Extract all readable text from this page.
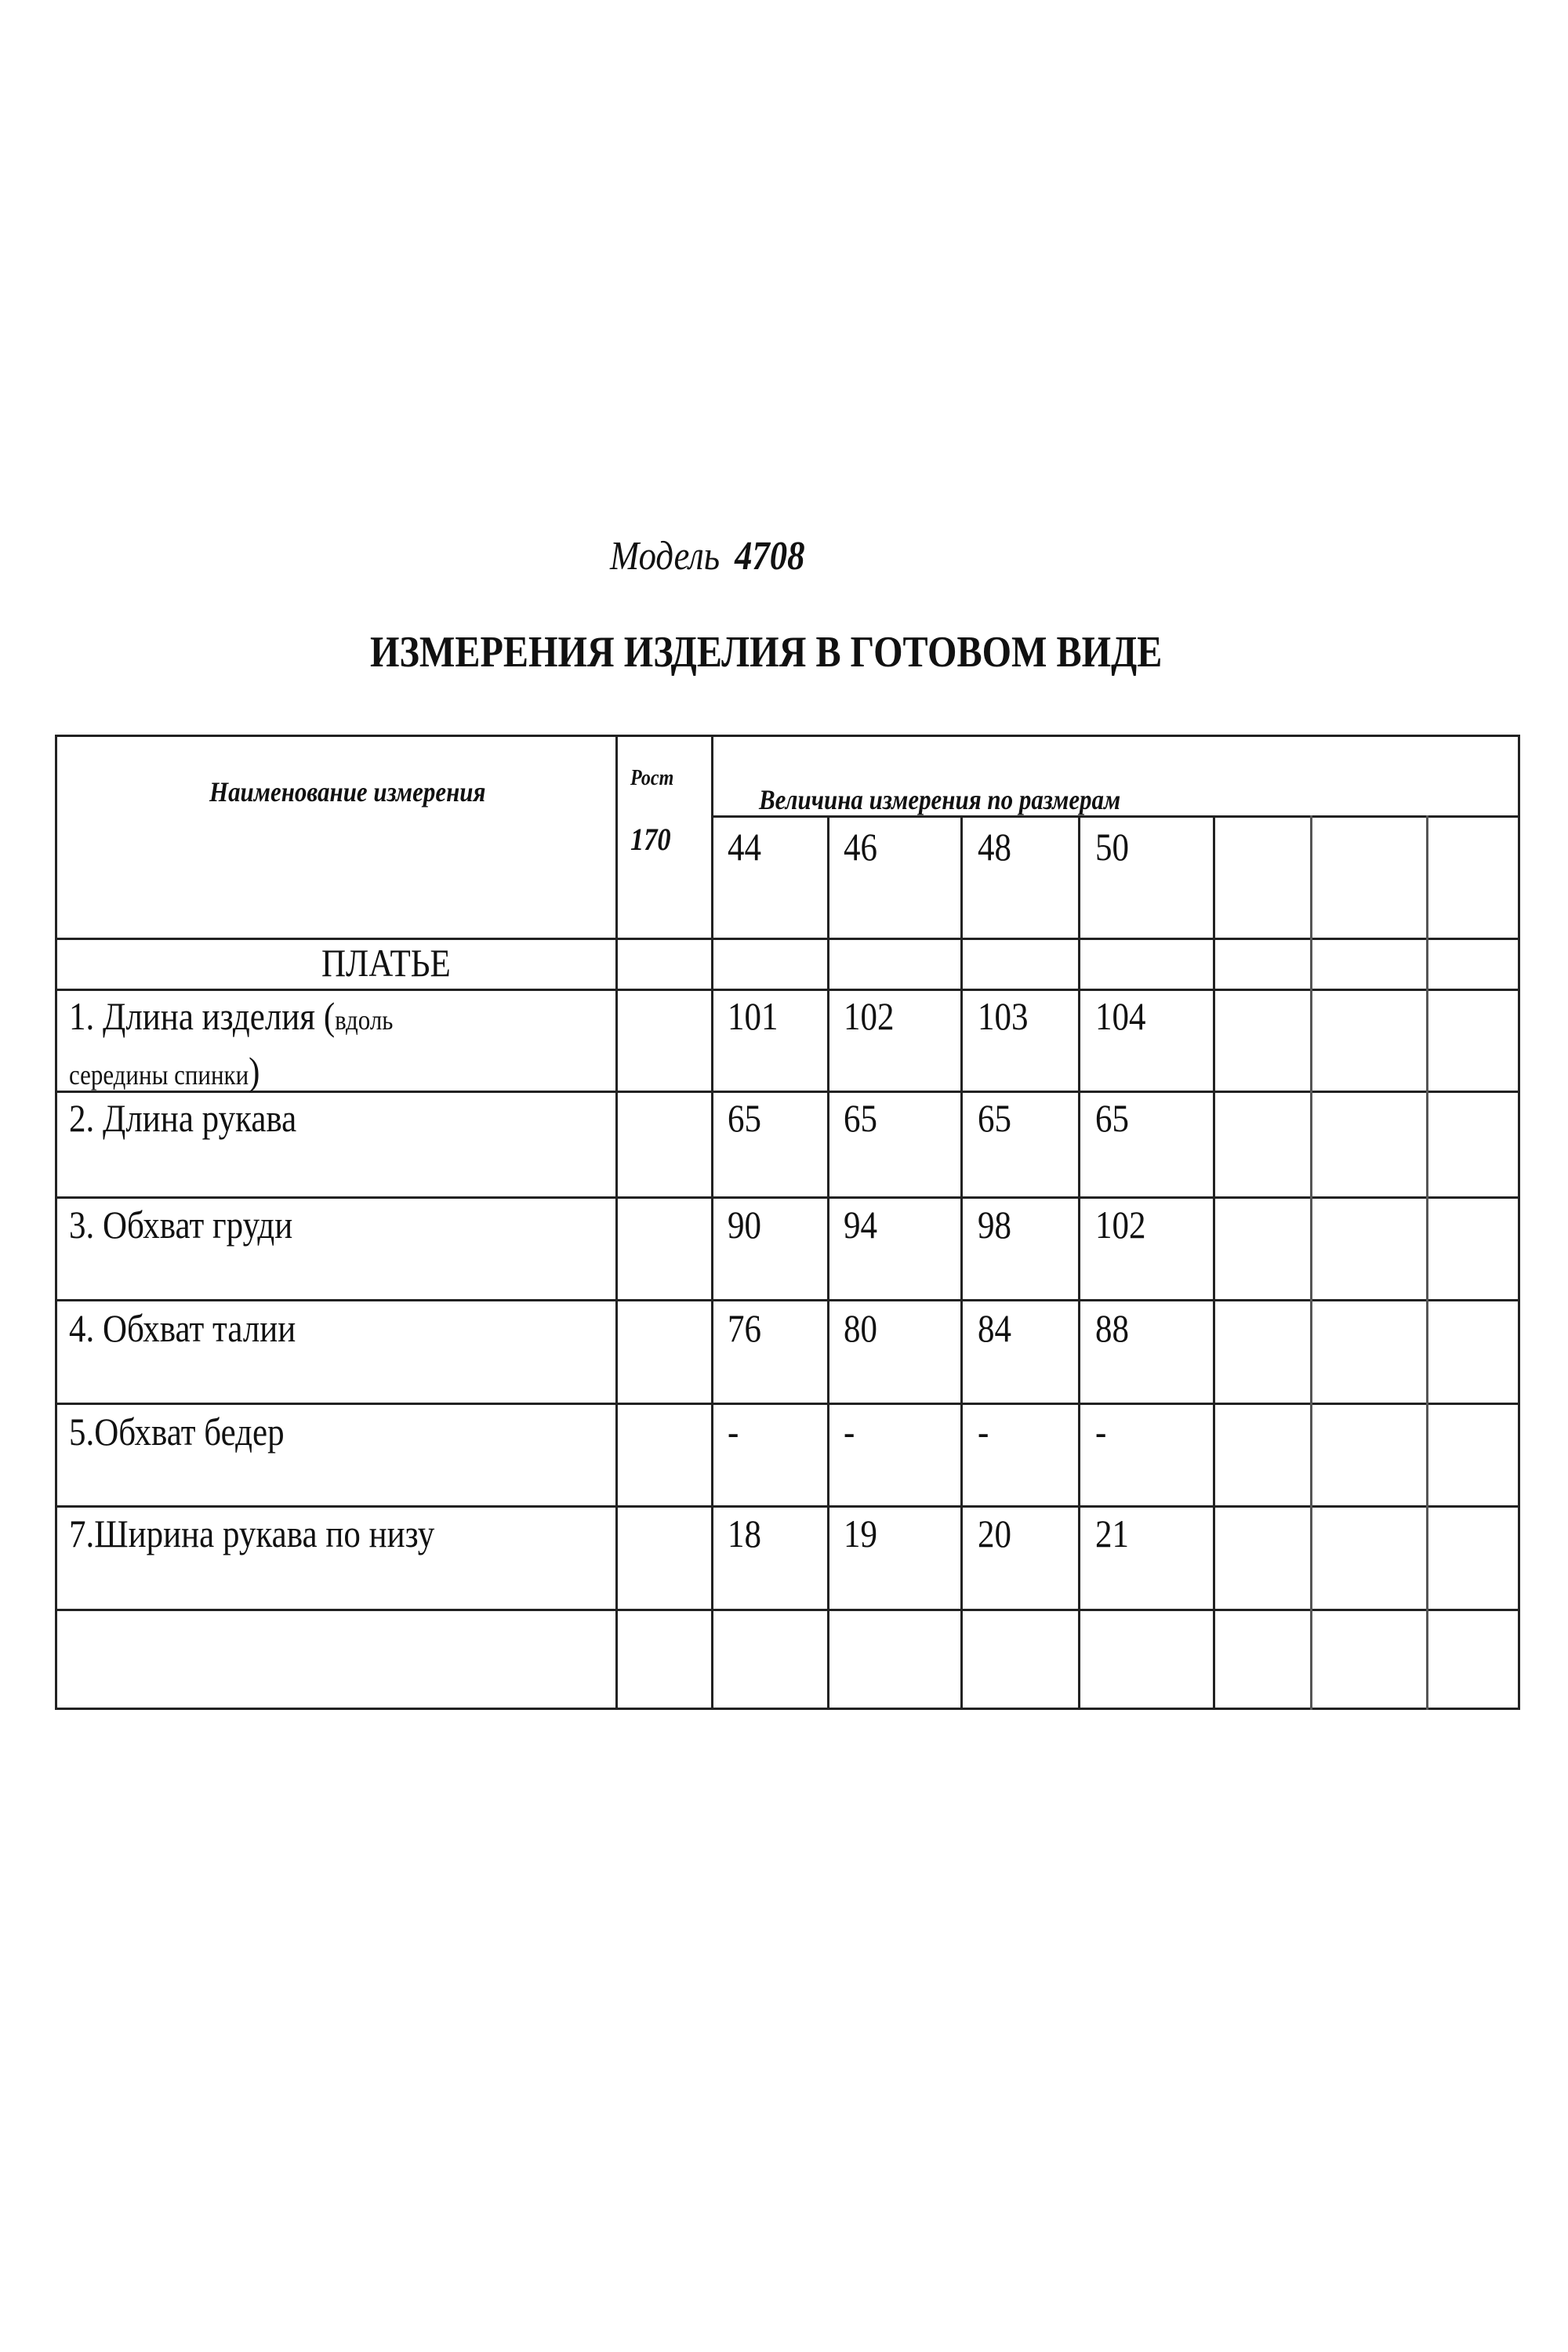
Модель 4708
ИЗМЕРЕНИЯ ИЗДЕЛИЯ В ГОТОВОМ ВИДЕ
Наименование измерения	Рост
170
Величина измерения по размерам
44 46	48 50
ПЛАТЬЕ
1. Длина изделия (вдоль
середины спинки)
101 102 103 104
2. Длина рукава	65 65	65 65
3. Обхват груди	90 94	98 102
4. Обхват талии	76 80	84 88
5.Обхват бедер	-	-	-	-
7.Ширина рукава по низу	18 19	20 21
